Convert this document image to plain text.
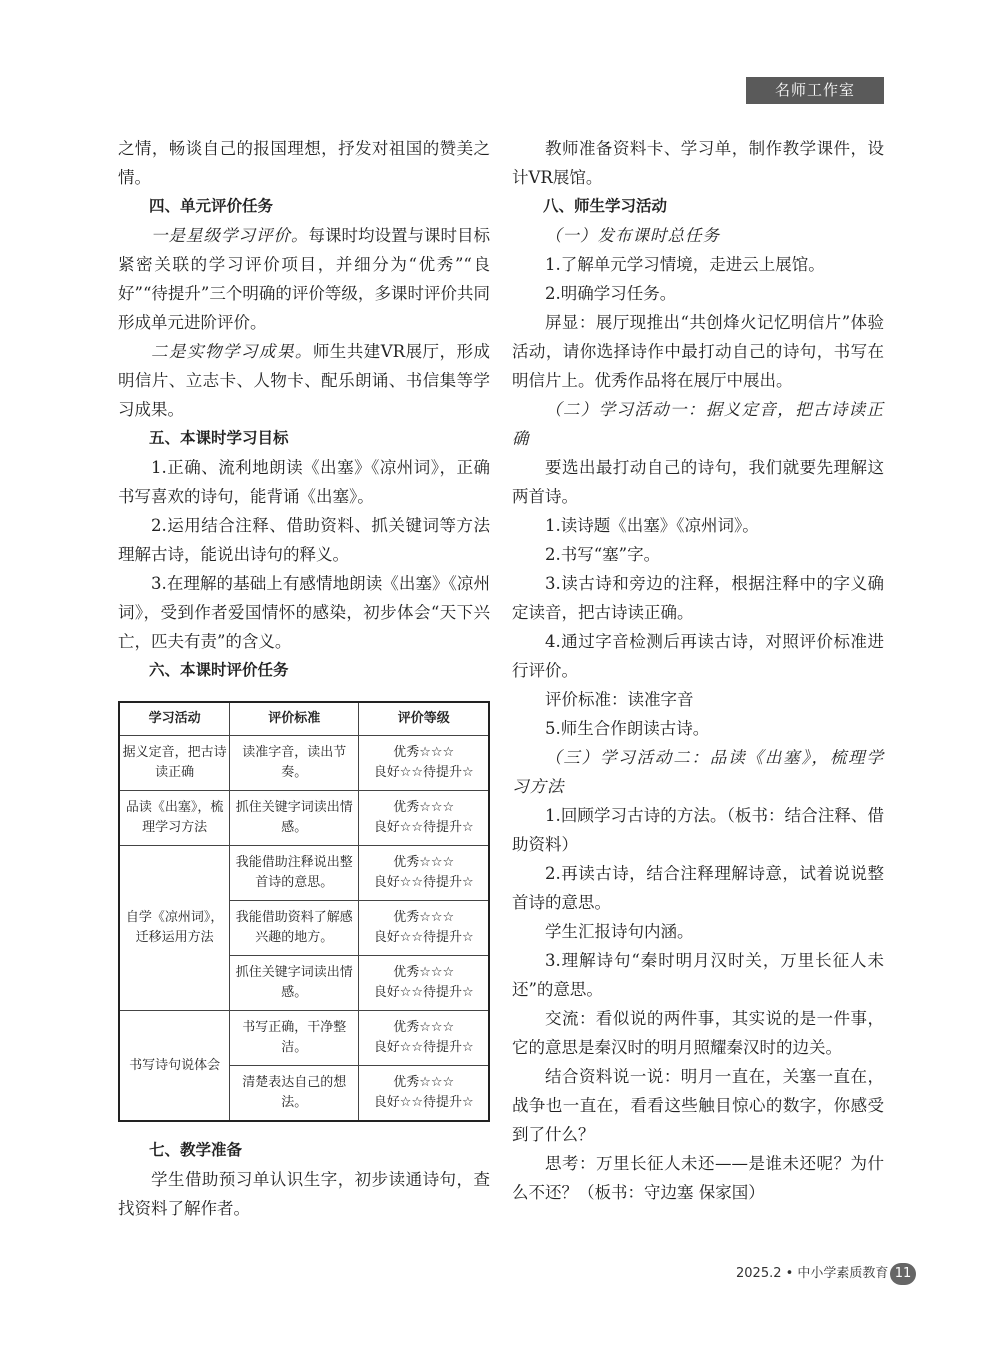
名师工作室

之情，畅谈自己的报国理想，抒发对祖国的赞美之情。

四、单元评价任务

一是星级学习评价。每课时均设置与课时目标紧密关联的学习评价项目，并细分为“优秀”“良好”“待提升”三个明确的评价等级，多课时评价共同形成单元进阶评价。

二是实物学习成果。师生共建VR展厅，形成明信片、立志卡、人物卡、配乐朗诵、书信集等学习成果。

五、本课时学习目标

1.正确、流利地朗读《出塞》《凉州词》，正确书写喜欢的诗句，能背诵《出塞》。

2.运用结合注释、借助资料、抓关键词等方法理解古诗，能说出诗句的释义。

3.在理解的基础上有感情地朗读《出塞》《凉州词》，受到作者爱国情怀的感染，初步体会“天下兴亡，匹夫有责”的含义。

六、本课时评价任务

学习活动	评价标准	评价等级
据义定音，把古诗读正确	读准字音，读出节奏。	优秀☆☆☆
良好☆☆待提升☆

品读《出塞》，梳理学习方法	抓住关键字词读出情感。	优秀☆☆☆
良好☆☆待提升☆

自学《凉州词》，迁移运用方法	我能借助注释说出整首诗的意思。	优秀☆☆☆
良好☆☆待提升☆

	我能借助资料了解感兴趣的地方。	优秀☆☆☆
良好☆☆待提升☆

	抓住关键字词读出情感。	优秀☆☆☆
良好☆☆待提升☆

书写诗句说体会	书写正确，干净整洁。	优秀☆☆☆
良好☆☆待提升☆

	清楚表达自己的想法。	优秀☆☆☆
良好☆☆待提升☆

七、教学准备

学生借助预习单认识生字，初步读通诗句，查找资料了解作者。

教师准备资料卡、学习单，制作教学课件，设计VR展馆。

八、师生学习活动

（一）发布课时总任务

1.了解单元学习情境，走进云上展馆。

2.明确学习任务。

屏显：展厅现推出“共创烽火记忆明信片”体验活动，请你选择诗作中最打动自己的诗句，书写在明信片上。优秀作品将在展厅中展出。

（二）学习活动一：据义定音，把古诗读正确

要选出最打动自己的诗句，我们就要先理解这两首诗。

1.读诗题《出塞》《凉州词》。

2.书写“塞”字。

3.读古诗和旁边的注释，根据注释中的字义确定读音，把古诗读正确。

4.通过字音检测后再读古诗，对照评价标准进行评价。

评价标准：读准字音

5.师生合作朗读古诗。

（三）学习活动二：品读《出塞》，梳理学习方法

1.回顾学习古诗的方法。（板书：结合注释、借助资料）

2.再读古诗，结合注释理解诗意，试着说说整首诗的意思。

学生汇报诗句内涵。

3.理解诗句“秦时明月汉时关，万里长征人未还”的意思。

交流：看似说的两件事，其实说的是一件事，它的意思是秦汉时的明月照耀秦汉时的边关。

结合资料说一说：明月一直在，关塞一直在，战争也一直在，看看这些触目惊心的数字，你感受到了什么？

思考：万里长征人未还——是谁未还呢？为什么不还？（板书：守边塞 保家国）

2025.2 • 中小学素质教育 11
